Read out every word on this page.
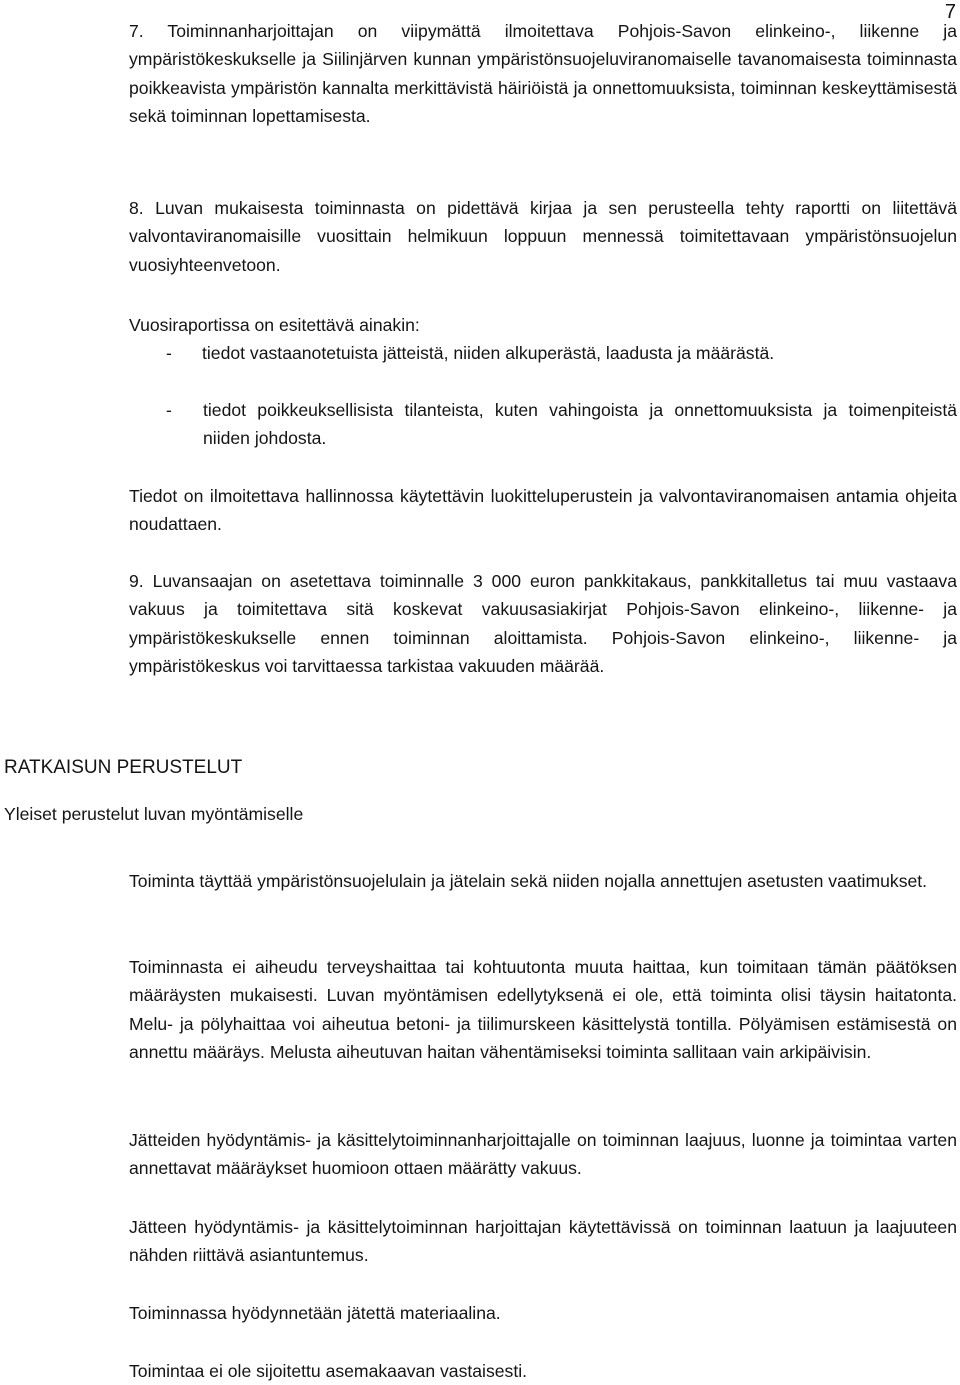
7

7. Toiminnanharjoittajan on viipymättä ilmoitettava Pohjois-Savon elinkeino-, liikenne ja ympäristökeskukselle ja Siilinjärven kunnan ympäristönsuojeluviranomaiselle tavanomaisesta toiminnasta poikkeavista ympäristön kannalta merkittävistä häiriöistä ja onnettomuuksista, toiminnan keskeyttämisestä sekä toiminnan lopettamisesta.

8. Luvan mukaisesta toiminnasta on pidettävä kirjaa ja sen perusteella tehty raportti on liitettävä valvontaviranomaisille vuosittain helmikuun loppuun mennessä toimitettavaan ympäristönsuojelun vuosiyhteenvetoon.

Vuosiraportissa on esitettävä ainakin:

-	tiedot vastaanotetuista jätteistä, niiden alkuperästä, laadusta ja määrästä.

-	tiedot poikkeuksellisista tilanteista, kuten vahingoista ja onnettomuuksista ja toimenpiteistä niiden johdosta.

Tiedot on ilmoitettava hallinnossa käytettävin luokitteluperustein ja valvontaviranomaisen antamia ohjeita noudattaen.

9. Luvansaajan on asetettava toiminnalle 3 000 euron pankkitakaus, pankkitalletus tai muu vastaava vakuus ja toimitettava sitä koskevat vakuusasiakirjat Pohjois-Savon elinkeino-, liikenne- ja ympäristökeskukselle ennen toiminnan aloittamista. Pohjois-Savon elinkeino-, liikenne- ja ympäristökeskus voi tarvittaessa tarkistaa vakuuden määrää.

RATKAISUN PERUSTELUT
Yleiset perustelut luvan myöntämiselle

Toiminta täyttää ympäristönsuojelulain ja jätelain sekä niiden nojalla annettujen asetusten vaatimukset.

Toiminnasta ei aiheudu terveyshaittaa tai kohtuutonta muuta haittaa, kun toimitaan tämän päätöksen määräysten mukaisesti. Luvan myöntämisen edellytyksenä ei ole, että toiminta olisi täysin haitatonta. Melu- ja pölyhaittaa voi aiheutua betoni- ja tiilimurskeen käsittelystä tontilla. Pölyämisen estämisestä on annettu määräys. Melusta aiheutuvan haitan vähentämiseksi toiminta sallitaan vain arkipäivisin.

Jätteiden hyödyntämis- ja käsittelytoiminnanharjoittajalle on toiminnan laajuus, luonne ja toimintaa varten annettavat määräykset huomioon ottaen määrätty vakuus.

Jätteen hyödyntämis- ja käsittelytoiminnan harjoittajan käytettävissä on toiminnan laatuun ja laajuuteen nähden riittävä asiantuntemus.

Toiminnassa hyödynnetään jätettä materiaalina.

Toimintaa ei ole sijoitettu asemakaavan vastaisesti.
